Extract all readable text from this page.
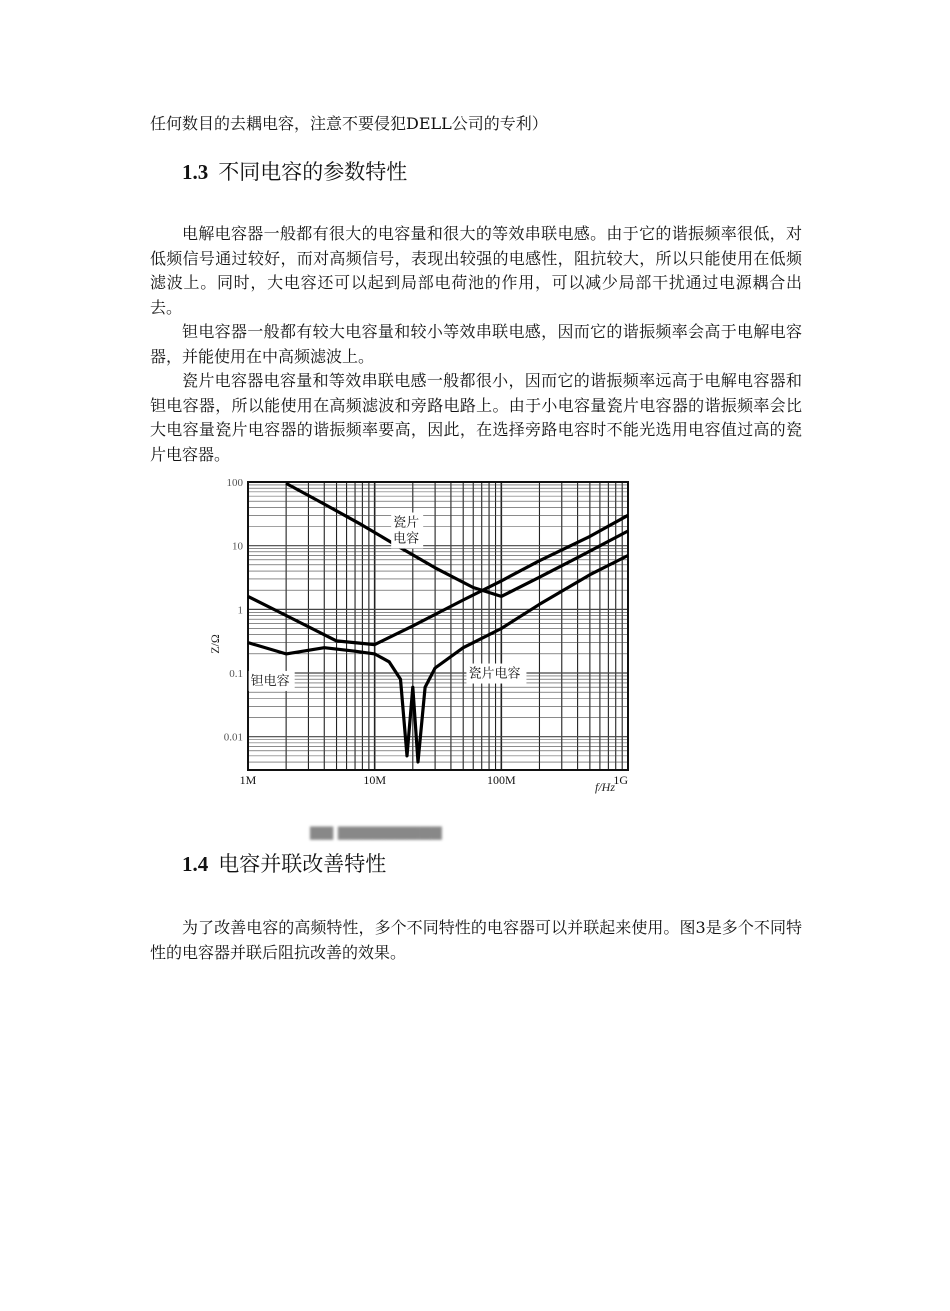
任何数目的去耦电容，注意不要侵犯DELL公司的专利）
1.3 不同电容的参数特性

电解电容器一般都有很大的电容量和很大的等效串联电感。由于它的谐振频率很低，对低频信号通过较好，而对高频信号，表现出较强的电感性，阻抗较大，所以只能使用在低频滤波上。同时，大电容还可以起到局部电荷池的作用，可以减少局部干扰通过电源耦合出去。

钽电容器一般都有较大电容量和较小等效串联电感，因而它的谐振频率会高于电解电容器，并能使用在中高频滤波上。

瓷片电容器电容量和等效串联电感一般都很小，因而它的谐振频率远高于电解电容器和钽电容器，所以能使用在高频滤波和旁路电路上。由于小电容量瓷片电容器的谐振频率会比大电容量瓷片电容器的谐振频率要高，因此，在选择旁路电容时不能光选用电容值过高的瓷片电容器。

1M	10M	100M	1G
100
10
1
0.1
0.01
瓷片
电容
钽电容	瓷片电容
Z/Ω
f/Hz
▆▆ ▆▆▆▆▆▆▆▆▆
1.4 电容并联改善特性

为了改善电容的高频特性，多个不同特性的电容器可以并联起来使用。图3是多个不同特性的电容器并联后阻抗改善的效果。
